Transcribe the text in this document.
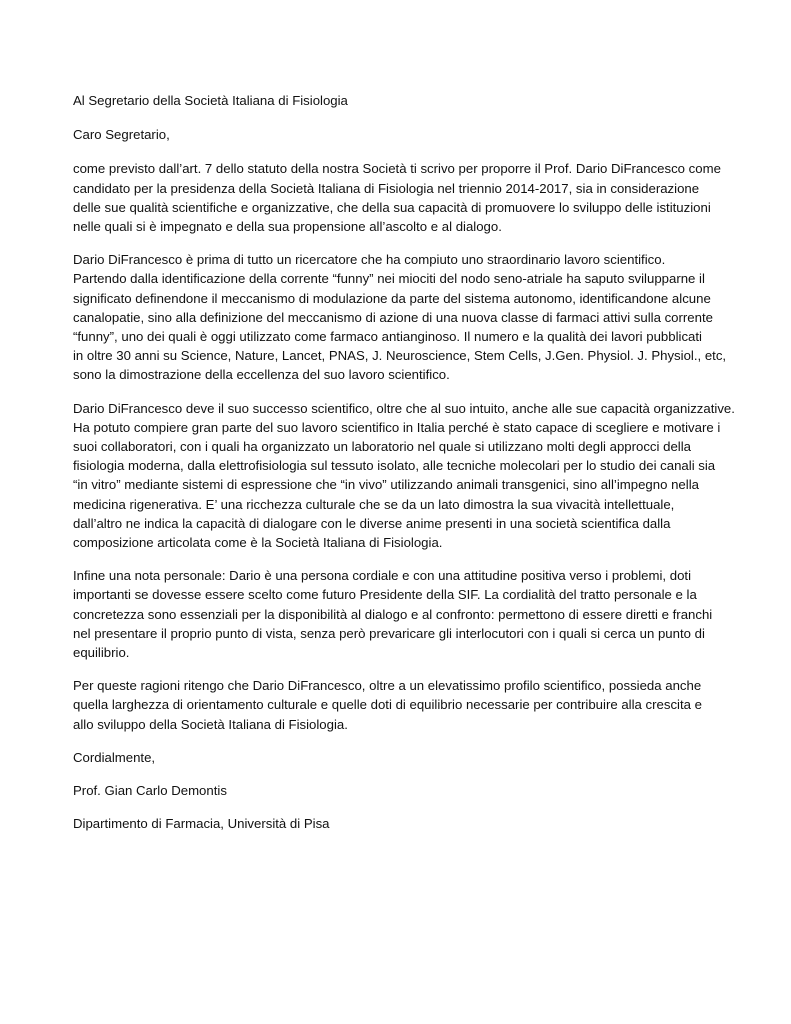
Al Segretario della Società Italiana di Fisiologia

Caro Segretario,

come previsto dall’art. 7 dello statuto della nostra Società ti scrivo per proporre il Prof. Dario DiFrancesco come
candidato per la presidenza della Società Italiana di Fisiologia nel triennio 2014-2017, sia in considerazione
delle sue qualità scientifiche e organizzative, che della sua capacità di promuovere lo sviluppo delle istituzioni
nelle quali si è impegnato e della sua propensione all’ascolto e al dialogo.

Dario DiFrancesco è prima di tutto un ricercatore che ha compiuto uno straordinario lavoro scientifico.
Partendo dalla identificazione della corrente “funny” nei miociti del nodo seno-atriale ha saputo svilupparne il
significato definendone il meccanismo di modulazione da parte del sistema autonomo, identificandone alcune
canalopatie, sino alla definizione del meccanismo di azione di una nuova classe di farmaci attivi sulla corrente
“funny”, uno dei quali è oggi utilizzato come farmaco antianginoso. Il numero e la qualità dei lavori pubblicati
in oltre 30 anni su Science, Nature, Lancet, PNAS, J. Neuroscience, Stem Cells, J.Gen. Physiol. J. Physiol., etc,
sono la dimostrazione della eccellenza del suo lavoro scientifico.

Dario DiFrancesco deve il suo successo scientifico, oltre che al suo intuito, anche alle sue capacità organizzative.
Ha potuto compiere gran parte del suo lavoro scientifico in Italia perché è stato capace di scegliere e motivare i
suoi collaboratori, con i quali ha organizzato un laboratorio nel quale si utilizzano molti degli approcci della
fisiologia moderna, dalla elettrofisiologia sul tessuto isolato, alle tecniche molecolari per lo studio dei canali sia
“in vitro” mediante sistemi di espressione che “in vivo” utilizzando animali transgenici, sino all’impegno nella
medicina rigenerativa. E’ una ricchezza culturale che se da un lato dimostra la sua vivacità intellettuale,
dall’altro ne indica la capacità di dialogare con le diverse anime presenti in una società scientifica dalla
composizione articolata come è la Società Italiana di Fisiologia.

Infine una nota personale: Dario è una persona cordiale e con una attitudine positiva verso i problemi, doti
importanti se dovesse essere scelto come futuro Presidente della SIF. La cordialità del tratto personale e la
concretezza sono essenziali per la disponibilità al dialogo e al confronto: permettono di essere diretti e franchi
nel presentare il proprio punto di vista, senza però prevaricare gli interlocutori con i quali si cerca un punto di
equilibrio.

Per queste ragioni ritengo che Dario DiFrancesco, oltre a un elevatissimo profilo scientifico, possieda anche
quella larghezza di orientamento culturale e quelle doti di equilibrio necessarie per contribuire alla crescita e
allo sviluppo della Società Italiana di Fisiologia.

Cordialmente,

Prof. Gian Carlo Demontis

Dipartimento di Farmacia, Università di Pisa
